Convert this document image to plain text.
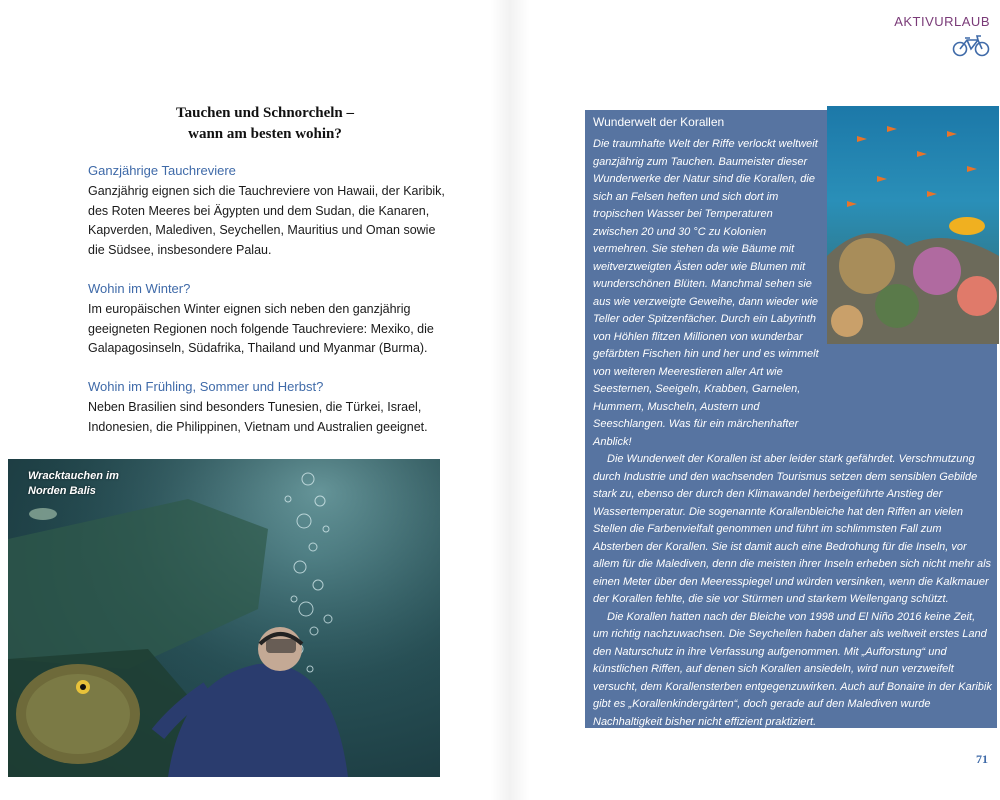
AKTIVURLAUB
Tauchen und Schnorcheln –
wann am besten wohin?
Ganzjährige Tauchreviere

Ganzjährig eignen sich die Tauchreviere von Hawaii, der Karibik, des Roten Meeres bei Ägypten und dem Sudan, die Kanaren, Kapverden, Malediven, Seychellen, Mauritius und Oman sowie die Südsee, insbesondere Palau.

Wohin im Winter?

Im europäischen Winter eignen sich neben den ganzjährig geeigneten Regionen noch folgende Tauchreviere: Mexiko, die Galapagosinseln, Südafrika, Thailand und Myanmar (Burma).

Wohin im Frühling, Sommer und Herbst?

Neben Brasilien sind besonders Tunesien, die Türkei, Israel, Indonesien, die Philippinen, Vietnam und Australien geeignet.

Wracktauchen im Norden Balis
Wunderwelt der Korallen

Die traumhafte Welt der Riffe verlockt weltweit ganzjährig zum Tauchen. Baumeister dieser Wunderwerke der Natur sind die Korallen, die sich an Felsen heften und sich dort im tropischen Wasser bei Temperaturen zwischen 20 und 30 °C zu Kolonien vermehren. Sie stehen da wie Bäume mit weitverzweigten Ästen oder wie Blumen mit wunderschönen Blüten. Manchmal sehen sie aus wie verzweigte Geweihe, dann wieder wie Teller oder Spitzenfächer. Durch ein Labyrinth von Höhlen flitzen Millionen von wunderbar gefärbten Fischen hin und her und es wimmelt von weiteren Meerestieren aller Art wie Seesternen, Seeigeln, Krabben, Garnelen, Hummern, Muscheln, Austern und Seeschlangen. Was für ein märchenhafter Anblick!

Die Wunderwelt der Korallen ist aber leider stark gefährdet. Verschmutzung durch Industrie und den wachsenden Tourismus setzen dem sensiblen Gebilde stark zu, ebenso der durch den Klimawandel herbeigeführte Anstieg der Wassertemperatur. Die sogenannte Korallenbleiche hat den Riffen an vielen Stellen die Farbenvielfalt genommen und führt im schlimmsten Fall zum Absterben der Korallen. Sie ist damit auch eine Bedrohung für die Inseln, vor allem für die Malediven, denn die meisten ihrer Inseln erheben sich nicht mehr als einen Meter über den Meeresspiegel und würden versinken, wenn die Kalkmauer der Korallen fehlte, die sie vor Stürmen und starkem Wellengang schützt.

Die Korallen hatten nach der Bleiche von 1998 und El Niño 2016 keine Zeit, um richtig nachzuwachsen. Die Seychellen haben daher als weltweit erstes Land den Naturschutz in ihre Verfassung aufgenommen. Mit „Aufforstung“ und künstlichen Riffen, auf denen sich Korallen ansiedeln, wird nun verzweifelt versucht, dem Korallensterben entgegenzuwirken. Auch auf Bonaire in der Karibik gibt es „Korallenkindergärten“, doch gerade auf den Malediven wurde Nachhaltigkeit bisher nicht effizient praktiziert.

Wie man als Tauchfan einen Beitrag dazu leisten kann, seinen CO2-Ausstoß zu kompensieren, erfährt man z. B. unter www.umweltbundesamt.de/themen/freiwillige-co2-kompensation.

71
